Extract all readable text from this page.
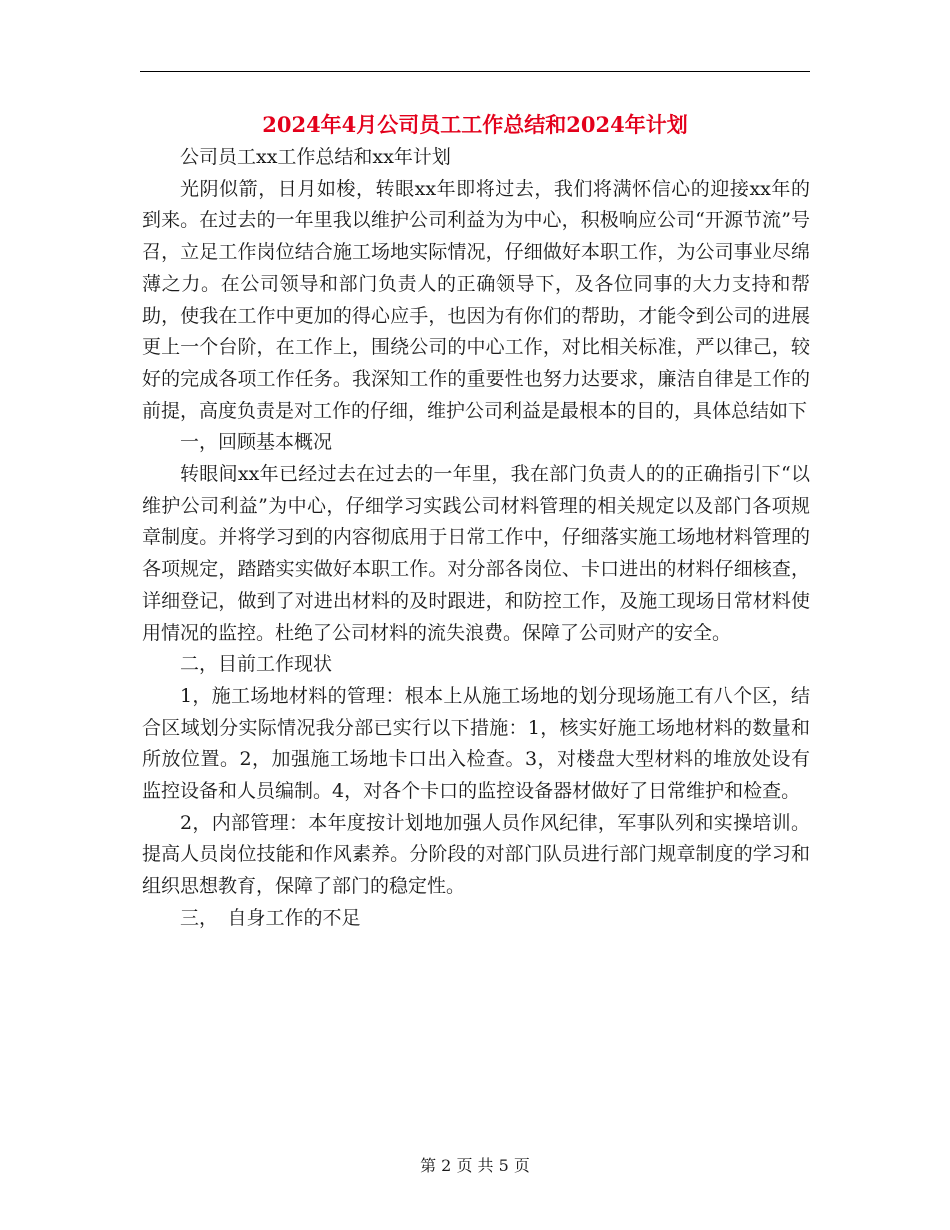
2024年4月公司员工工作总结和2024年计划

公司员工xx工作总结和xx年计划

光阴似箭，日月如梭，转眼xx年即将过去，我们将满怀信心的迎接xx年的到来。在过去的一年里我以维护公司利益为为中心，积极响应公司“开源节流”号召，立足工作岗位结合施工场地实际情况，仔细做好本职工作，为公司事业尽绵薄之力。在公司领导和部门负责人的正确领导下，及各位同事的大力支持和帮助，使我在工作中更加的得心应手，也因为有你们的帮助，才能令到公司的进展更上一个台阶，在工作上，围绕公司的中心工作，对比相关标准，严以律己，较好的完成各项工作任务。我深知工作的重要性也努力达要求，廉洁自律是工作的前提，高度负责是对工作的仔细，维护公司利益是最根本的目的，具体总结如下

一，回顾基本概况

转眼间xx年已经过去在过去的一年里，我在部门负责人的的正确指引下“以维护公司利益”为中心，仔细学习实践公司材料管理的相关规定以及部门各项规章制度。并将学习到的内容彻底用于日常工作中，仔细落实施工场地材料管理的各项规定，踏踏实实做好本职工作。对分部各岗位、卡口进出的材料仔细核查，详细登记，做到了对进出材料的及时跟进，和防控工作，及施工现场日常材料使用情况的监控。杜绝了公司材料的流失浪费。保障了公司财产的安全。

二，目前工作现状

1，施工场地材料的管理：根本上从施工场地的划分现场施工有八个区，结合区域划分实际情况我分部已实行以下措施：1，核实好施工场地材料的数量和所放位置。2，加强施工场地卡口出入检查。3，对楼盘大型材料的堆放处设有监控设备和人员编制。4，对各个卡口的监控设备器材做好了日常维护和检查。

2，内部管理：本年度按计划地加强人员作风纪律，军事队列和实操培训。提高人员岗位技能和作风素养。分阶段的对部门队员进行部门规章制度的学习和组织思想教育，保障了部门的稳定性。

三，　自身工作的不足

第 2 页 共 5 页
